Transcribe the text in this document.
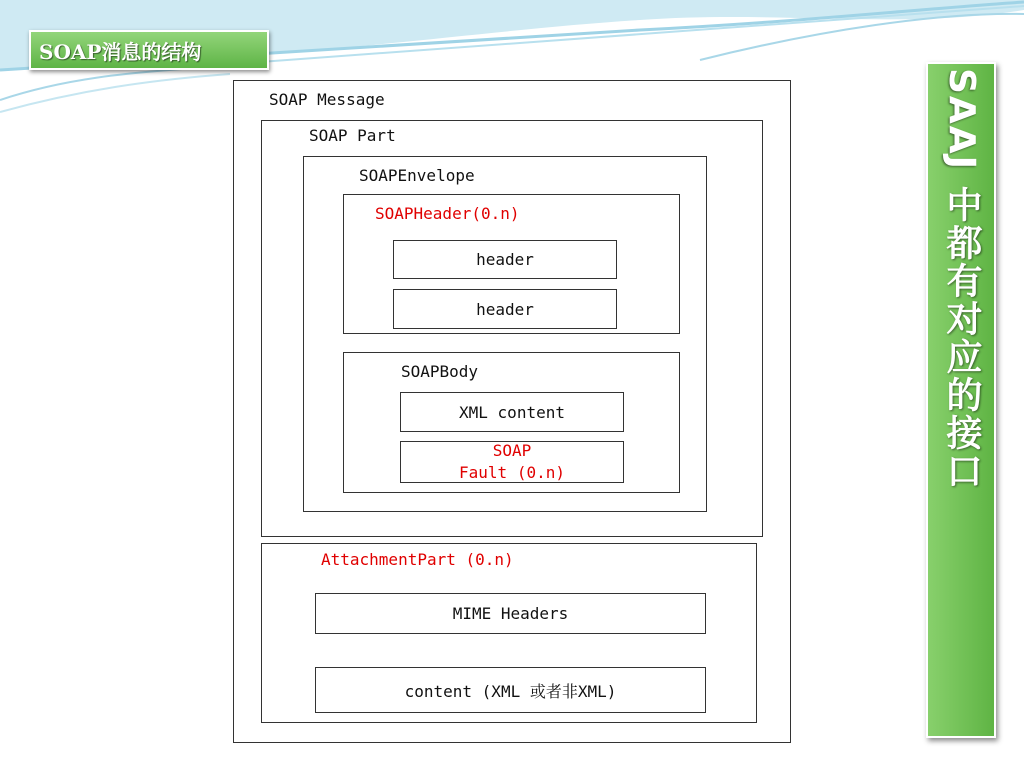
SOAP消息的结构
SAAJ 中都有对应的接口
SOAP Message
SOAP Part
SOAPEnvelope
SOAPHeader(0.n)
header
header
SOAPBody
XML content
SOAP
Fault (0.n)
AttachmentPart (0.n)
MIME Headers
content (XML 或者非XML)
